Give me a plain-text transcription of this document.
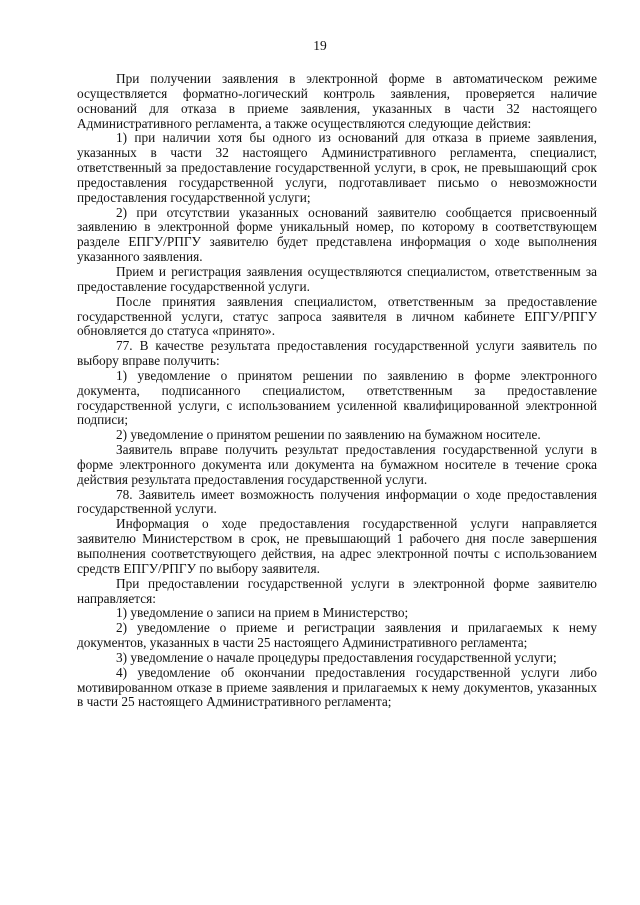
19

При получении заявления в электронной форме в автоматическом режиме осуществляется форматно-логический контроль заявления, проверяется наличие оснований для отказа в приеме заявления, указанных в части 32 настоящего Административного регламента, а также осуществляются следующие действия:

1) при наличии хотя бы одного из оснований для отказа в приеме заявления, указанных в части 32 настоящего Административного регламента, специалист, ответственный за предоставление государственной услуги, в срок, не превышающий срок предоставления государственной услуги, подготавливает письмо о невозможности предоставления государственной услуги;

2) при отсутствии указанных оснований заявителю сообщается присвоенный заявлению в электронной форме уникальный номер, по которому в соответствующем разделе ЕПГУ/РПГУ заявителю будет представлена информация о ходе выполнения указанного заявления.

Прием и регистрация заявления осуществляются специалистом, ответственным за предоставление государственной услуги.

После принятия заявления специалистом, ответственным за предоставление государственной услуги, статус запроса заявителя в личном кабинете ЕПГУ/РПГУ обновляется до статуса «принято».

77. В качестве результата предоставления государственной услуги заявитель по выбору вправе получить:

1) уведомление о принятом решении по заявлению в форме электронного документа, подписанного специалистом, ответственным за предоставление государственной услуги, с использованием усиленной квалифицированной электронной подписи;

2) уведомление о принятом решении по заявлению на бумажном носителе.

Заявитель вправе получить результат предоставления государственной услуги в форме электронного документа или документа на бумажном носителе в течение срока действия результата предоставления государственной услуги.

78. Заявитель имеет возможность получения информации о ходе предоставления государственной услуги.

Информация о ходе предоставления государственной услуги направляется заявителю Министерством в срок, не превышающий 1 рабочего дня после завершения выполнения соответствующего действия, на адрес электронной почты с использованием средств ЕПГУ/РПГУ по выбору заявителя.

При предоставлении государственной услуги в электронной форме заявителю направляется:

1) уведомление о записи на прием в Министерство;

2) уведомление о приеме и регистрации заявления и прилагаемых к нему документов, указанных в части 25 настоящего Административного регламента;

3) уведомление о начале процедуры предоставления государственной услуги;

4) уведомление об окончании предоставления государственной услуги либо мотивированном отказе в приеме заявления и прилагаемых к нему документов, указанных в части 25 настоящего Административного регламента;
